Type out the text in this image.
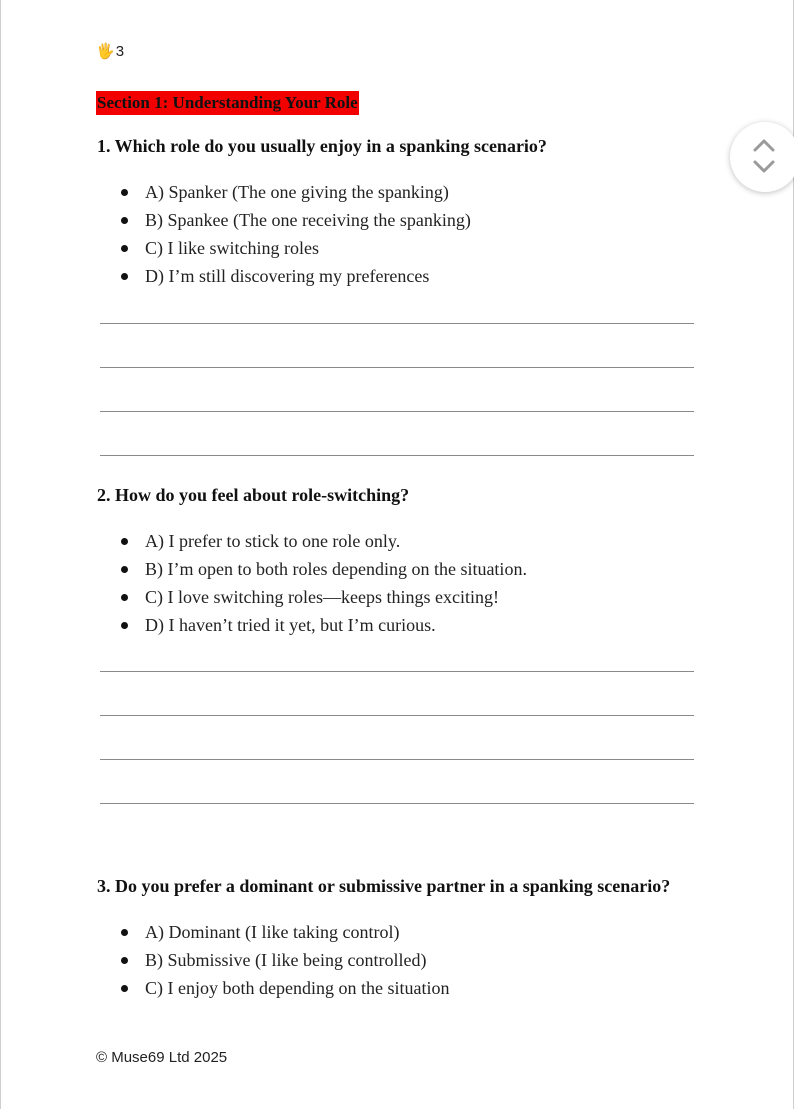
🖐3
Section 1: Understanding Your Role
1. Which role do you usually enjoy in a spanking scenario?
A) Spanker (The one giving the spanking)
B) Spankee (The one receiving the spanking)
C) I like switching roles
D) I’m still discovering my preferences
2. How do you feel about role-switching?
A) I prefer to stick to one role only.
B) I’m open to both roles depending on the situation.
C) I love switching roles—keeps things exciting!
D) I haven’t tried it yet, but I’m curious.
3. Do you prefer a dominant or submissive partner in a spanking scenario?
A) Dominant (I like taking control)
B) Submissive (I like being controlled)
C) I enjoy both depending on the situation
© Muse69 Ltd 2025
